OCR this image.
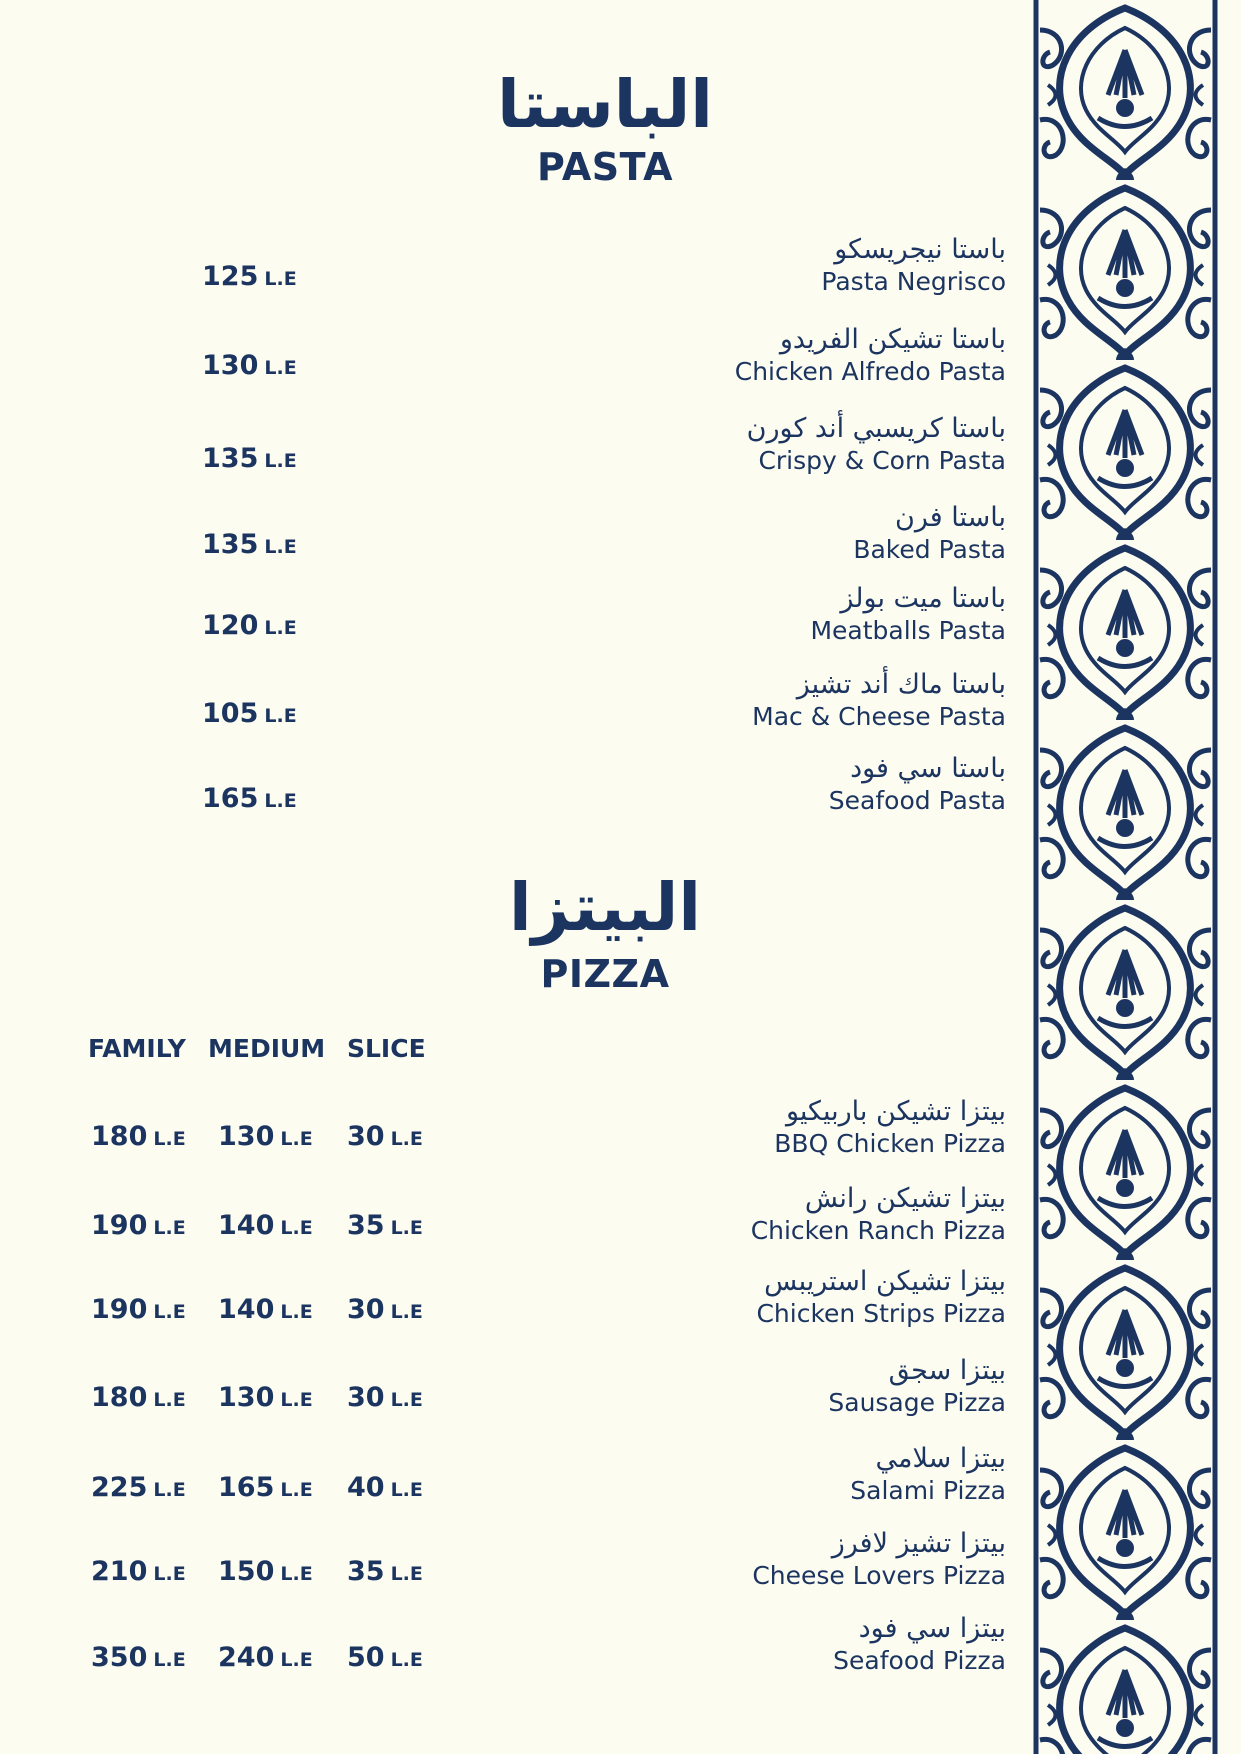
الباستا
PASTA
باستا نيجريسكو
Pasta Negrisco
125 L.E
باستا تشيكن الفريدو
Chicken Alfredo Pasta
130 L.E
باستا كريسبي أند كورن
Crispy & Corn Pasta
135 L.E
باستا فرن
Baked Pasta
135 L.E
باستا ميت بولز
Meatballs Pasta
120 L.E
باستا ماك أند تشيز
Mac & Cheese Pasta
105 L.E
باستا سي فود
Seafood Pasta
165 L.E
البيتزا
PIZZA
FAMILY MEDIUM SLICE
بيتزا تشيكن باربيكيو
BBQ Chicken Pizza
180 L.E 130 L.E 30 L.E
بيتزا تشيكن رانش
Chicken Ranch Pizza
190 L.E 140 L.E 35 L.E
بيتزا تشيكن استريبس
Chicken Strips Pizza
190 L.E 140 L.E 30 L.E
بيتزا سجق
Sausage Pizza
180 L.E 130 L.E 30 L.E
بيتزا سلامي
Salami Pizza
225 L.E 165 L.E 40 L.E
بيتزا تشيز لافرز
Cheese Lovers Pizza
210 L.E 150 L.E 35 L.E
بيتزا سي فود
Seafood Pizza
350 L.E 240 L.E 50 L.E
